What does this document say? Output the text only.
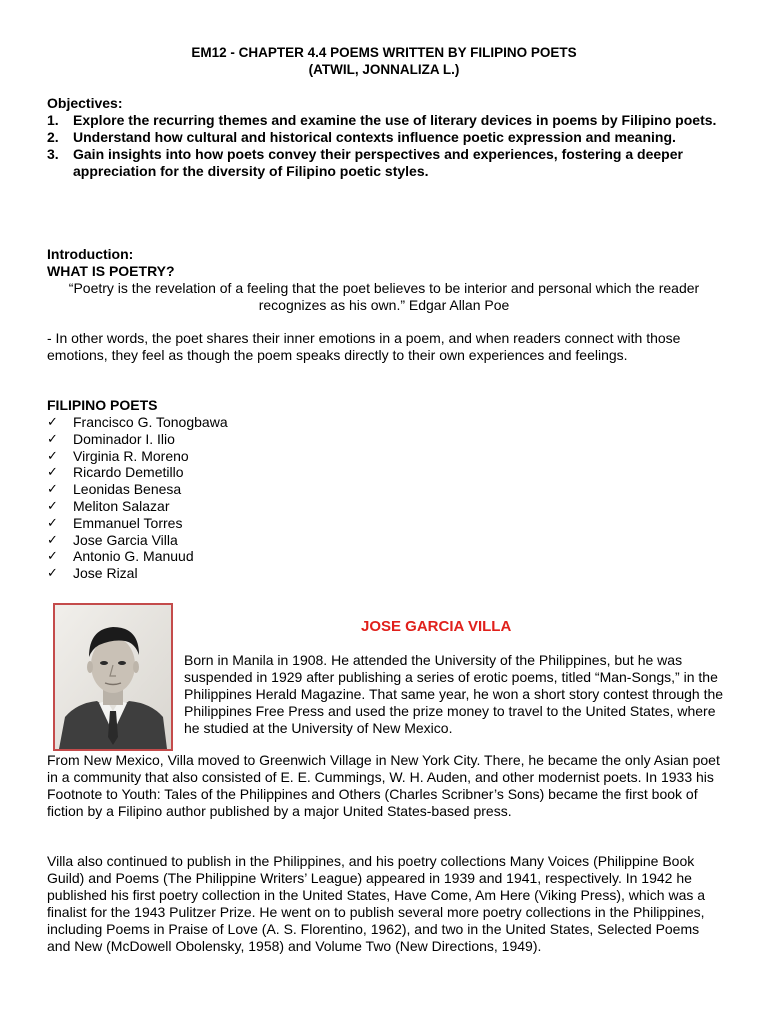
EM12 - CHAPTER 4.4 POEMS WRITTEN BY FILIPINO POETS
(ATWIL, JONNALIZA L.)
Objectives:
1. Explore the recurring themes and examine the use of literary devices in poems by Filipino poets.
2. Understand how cultural and historical contexts influence poetic expression and meaning.
3. Gain insights into how poets convey their perspectives and experiences, fostering a deeper appreciation for the diversity of Filipino poetic styles.
Introduction:
WHAT IS POETRY?
“Poetry is the revelation of a feeling that the poet believes to be interior and personal which the reader recognizes as his own.” Edgar Allan Poe
- In other words, the poet shares their inner emotions in a poem, and when readers connect with those emotions, they feel as though the poem speaks directly to their own experiences and feelings.
FILIPINO POETS
✓ Francisco G. Tonogbawa
✓ Dominador I. Ilio
✓ Virginia R. Moreno
✓ Ricardo Demetillo
✓ Leonidas Benesa
✓ Meliton Salazar
✓ Emmanuel Torres
✓ Jose Garcia Villa
✓ Antonio G. Manuud
✓ Jose Rizal
JOSE GARCIA VILLA
Born in Manila in 1908. He attended the University of the Philippines, but he was suspended in 1929 after publishing a series of erotic poems, titled “Man-Songs,” in the Philippines Herald Magazine. That same year, he won a short story contest through the Philippines Free Press and used the prize money to travel to the United States, where he studied at the University of New Mexico.
From New Mexico, Villa moved to Greenwich Village in New York City. There, he became the only Asian poet in a community that also consisted of E. E. Cummings, W. H. Auden, and other modernist poets. In 1933 his Footnote to Youth: Tales of the Philippines and Others (Charles Scribner’s Sons) became the first book of fiction by a Filipino author published by a major United States-based press.
Villa also continued to publish in the Philippines, and his poetry collections Many Voices (Philippine Book Guild) and Poems (The Philippine Writers’ League) appeared in 1939 and 1941, respectively. In 1942 he published his first poetry collection in the United States, Have Come, Am Here (Viking Press), which was a finalist for the 1943 Pulitzer Prize. He went on to publish several more poetry collections in the Philippines, including Poems in Praise of Love (A. S. Florentino, 1962), and two in the United States, Selected Poems and New (McDowell Obolensky, 1958) and Volume Two (New Directions, 1949).
